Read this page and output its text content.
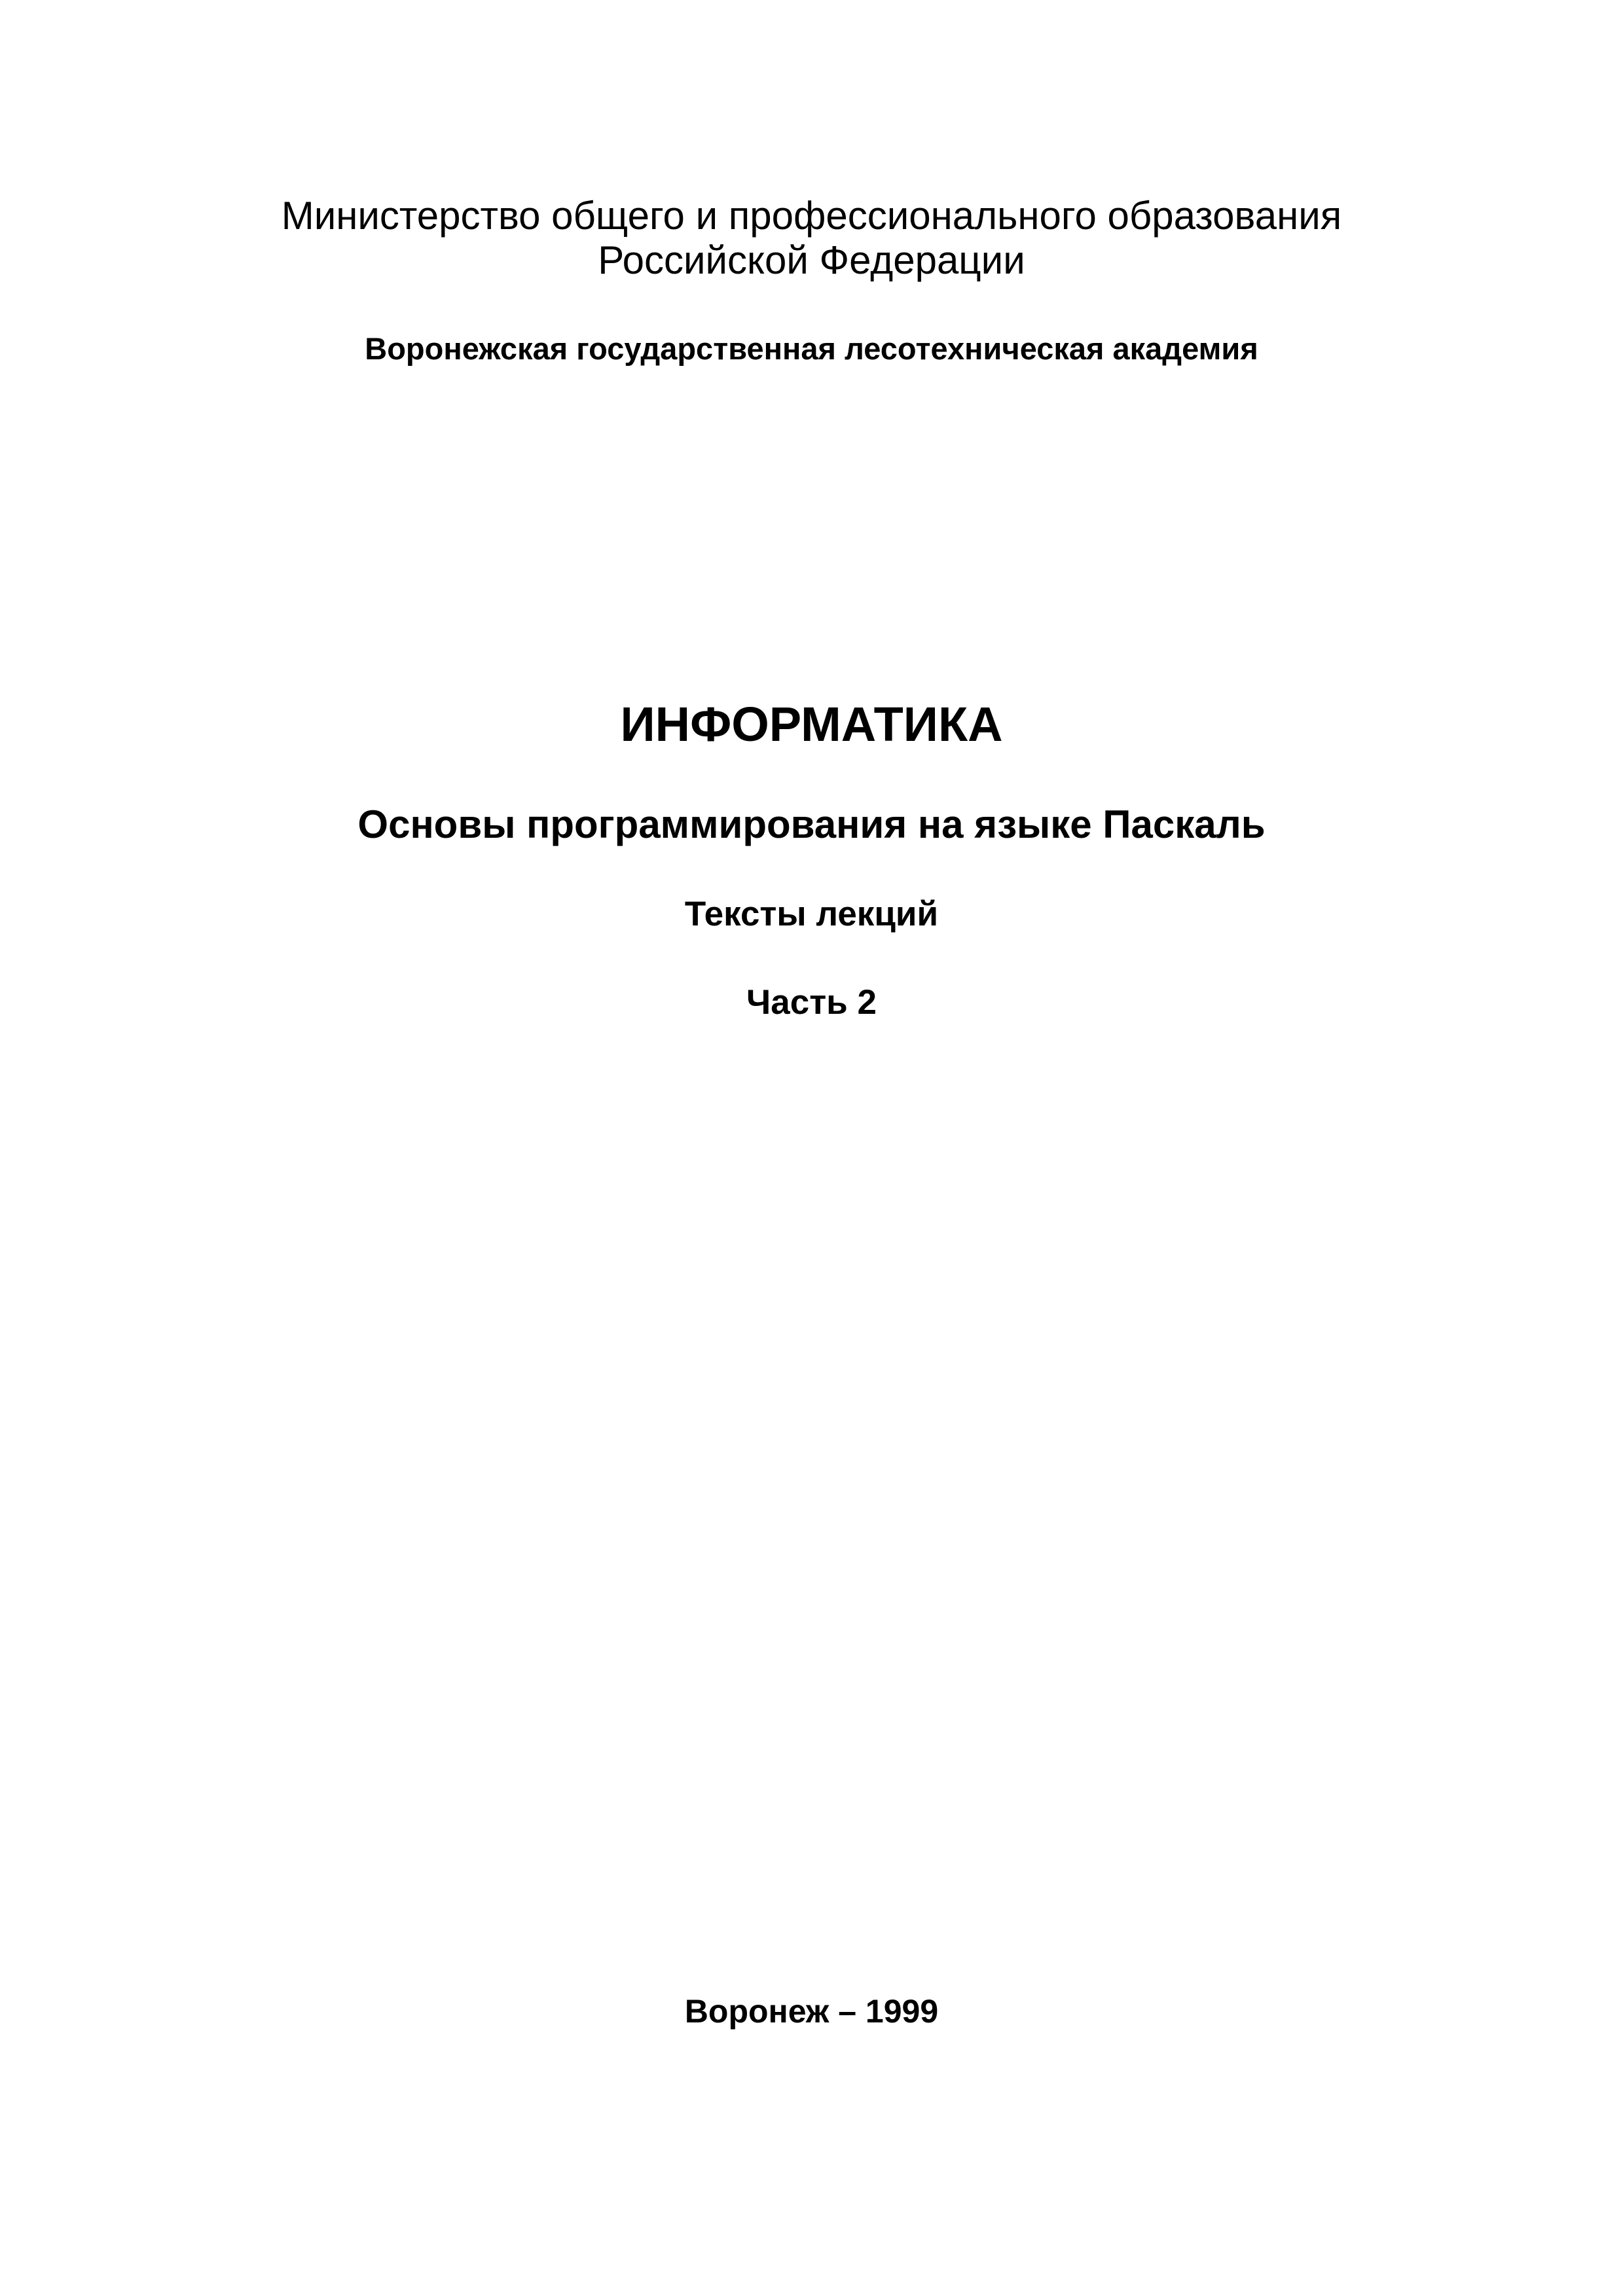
Министерство общего и профессионального образования

Российской Федерации

Воронежская государственная лесотехническая академия

ИНФОРМАТИКА
Основы программирования на языке Паскаль

Тексты лекций

Часть 2

Воронеж – 1999
